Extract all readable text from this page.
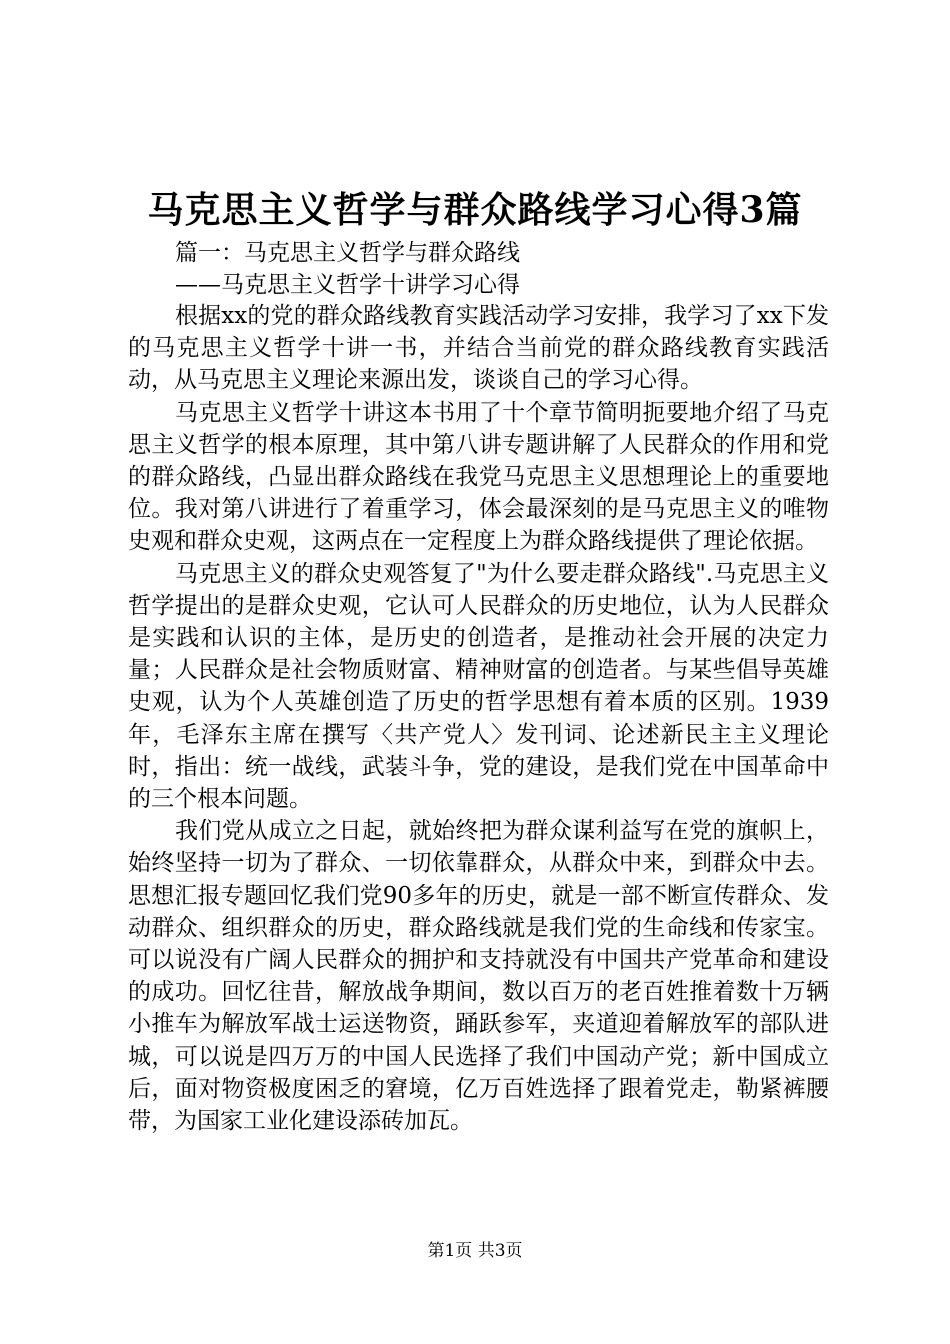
马克思主义哲学与群众路线学习心得3篇
篇一：马克思主义哲学与群众路线
——马克思主义哲学十讲学习心得

根据xx的党的群众路线教育实践活动学习安排，我学习了xx下发的马克思主义哲学十讲一书，并结合当前党的群众路线教育实践活动，从马克思主义理论来源出发，谈谈自己的学习心得。

马克思主义哲学十讲这本书用了十个章节简明扼要地介绍了马克思主义哲学的根本原理，其中第八讲专题讲解了人民群众的作用和党的群众路线，凸显出群众路线在我党马克思主义思想理论上的重要地位。我对第八讲进行了着重学习，体会最深刻的是马克思主义的唯物史观和群众史观，这两点在一定程度上为群众路线提供了理论依据。

马克思主义的群众史观答复了"为什么要走群众路线".马克思主义哲学提出的是群众史观，它认可人民群众的历史地位，认为人民群众是实践和认识的主体，是历史的创造者，是推动社会开展的决定力量；人民群众是社会物质财富、精神财富的创造者。与某些倡导英雄史观，认为个人英雄创造了历史的哲学思想有着本质的区别。1939年，毛泽东主席在撰写〈共产党人〉发刊词、论述新民主主义理论时，指出：统一战线，武装斗争，党的建设，是我们党在中国革命中的三个根本问题。

我们党从成立之日起，就始终把为群众谋利益写在党的旗帜上，始终坚持一切为了群众、一切依靠群众，从群众中来，到群众中去。思想汇报专题回忆我们党90多年的历史，就是一部不断宣传群众、发动群众、组织群众的历史，群众路线就是我们党的生命线和传家宝。可以说没有广阔人民群众的拥护和支持就没有中国共产党革命和建设的成功。回忆往昔，解放战争期间，数以百万的老百姓推着数十万辆小推车为解放军战士运送物资，踊跃参军，夹道迎着解放军的部队进城，可以说是四万万的中国人民选择了我们中国动产党；新中国成立后，面对物资极度困乏的窘境，亿万百姓选择了跟着党走，勒紧裤腰带，为国家工业化建设添砖加瓦。

第1页 共3页
